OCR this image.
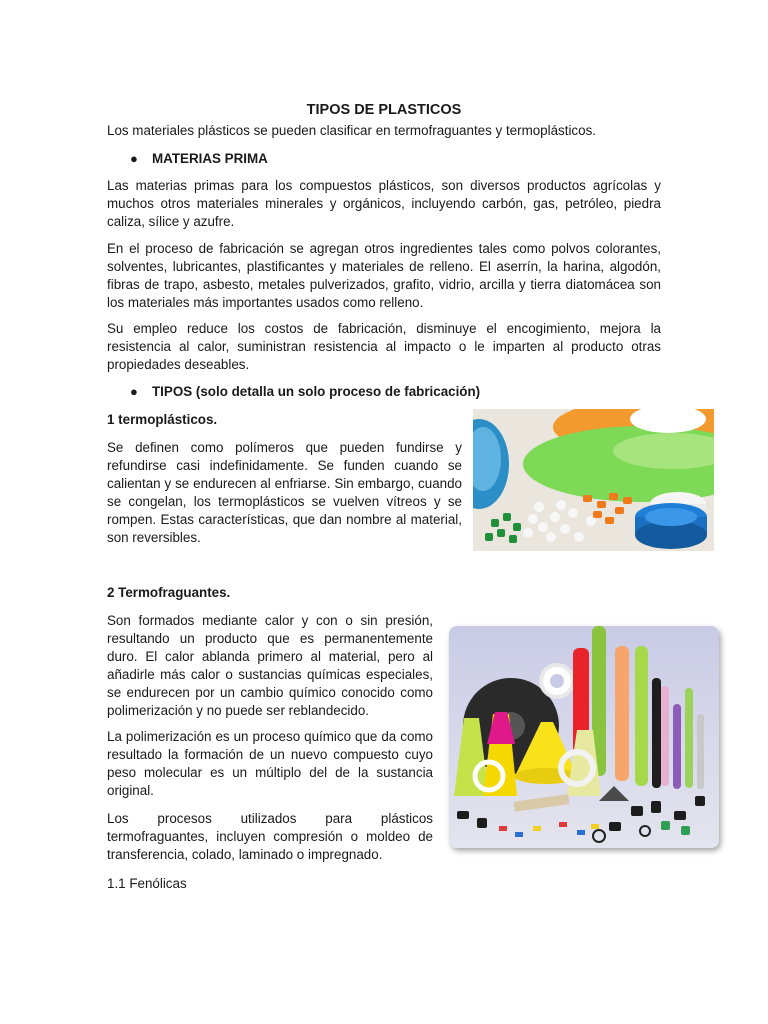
TIPOS DE PLASTICOS

Los materiales plásticos se pueden clasificar en termofraguantes y termoplásticos.

● MATERIAS PRIMA

Las materias primas para los compuestos plásticos, son diversos productos agrícolas y muchos otros materiales minerales y orgánicos, incluyendo carbón, gas, petróleo, piedra caliza, sílice y azufre.

En el proceso de fabricación se agregan otros ingredientes tales como polvos colorantes, solventes, lubricantes, plastificantes y materiales de relleno. El aserrín, la harina, algodón, fibras de trapo, asbesto, metales pulverizados, grafito, vidrio, arcilla y tierra diatomácea son los materiales más importantes usados como relleno.

Su empleo reduce los costos de fabricación, disminuye el encogimiento, mejora la resistencia al calor, suministran resistencia al impacto o le imparten al producto otras propiedades deseables.

● TIPOS (solo detalla un solo proceso de fabricación)
1 termoplásticos.

Se definen como polímeros que pueden fundirse y refundirse casi indefinidamente. Se funden cuando se calientan y se endurecen al enfriarse. Sin embargo, cuando se congelan, los termoplásticos se vuelven vítreos y se rompen. Estas características, que dan nombre al material, son reversibles.

2 Termofraguantes.

Son formados mediante calor y con o sin presión, resultando un producto que es permanentemente duro. El calor ablanda primero al material, pero al añadirle más calor o sustancias químicas especiales, se endurecen por un cambio químico conocido como polimerización y no puede ser reblandecido.

La polimerización es un proceso químico que da como resultado la formación de un nuevo compuesto cuyo peso molecular es un múltiplo del de la sustancia original.

Los procesos utilizados para plásticos termofraguantes, incluyen compresión o moldeo de transferencia, colado, laminado o impregnado.

1.1 Fenólicas
